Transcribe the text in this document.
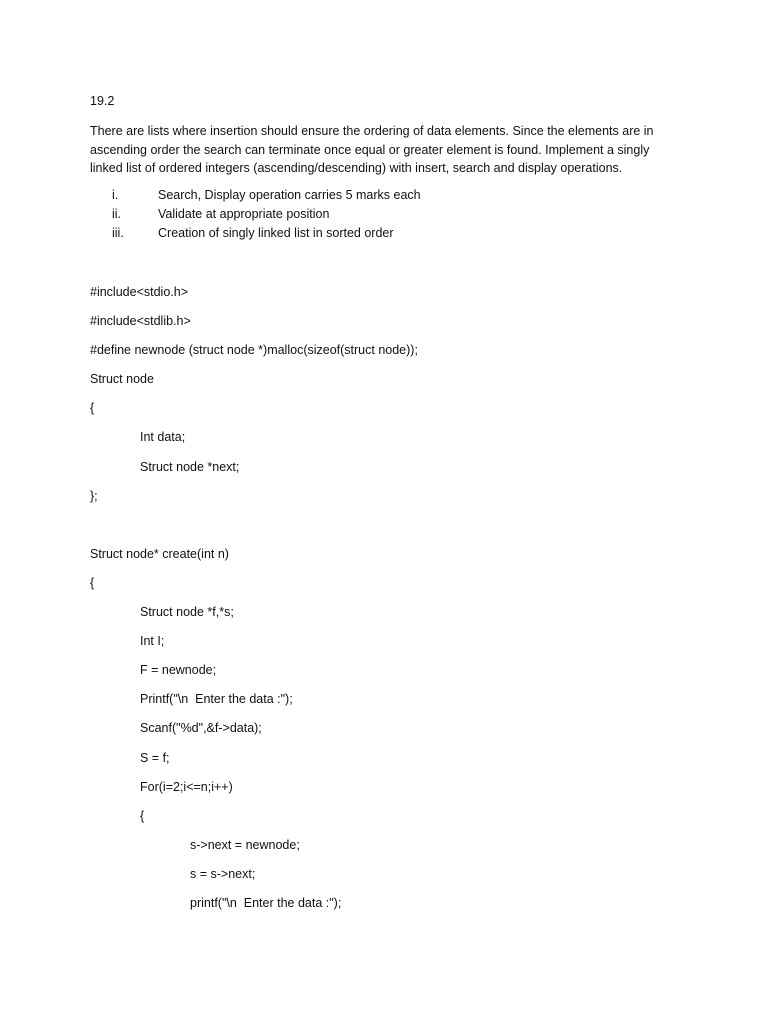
19.2
There are lists where insertion should ensure the ordering of data elements. Since the elements are in
ascending order the search can terminate once equal or greater element is found. Implement a singly
linked list of ordered integers (ascending/descending) with insert, search and display operations.
i.	Search, Display operation carries 5 marks each
ii.	Validate at appropriate position
iii.	Creation of singly linked list in sorted order
#include<stdio.h>
#include<stdlib.h>
#define newnode (struct node *)malloc(sizeof(struct node));
Struct node
{
Int data;
Struct node *next;
};
Struct node* create(int n)
{
Struct node *f,*s;
Int I;
F = newnode;
Printf("\n  Enter the data :");
Scanf("%d",&f->data);
S = f;
For(i=2;i<=n;i++)
{
s->next = newnode;
s = s->next;
printf("\n  Enter the data :");
